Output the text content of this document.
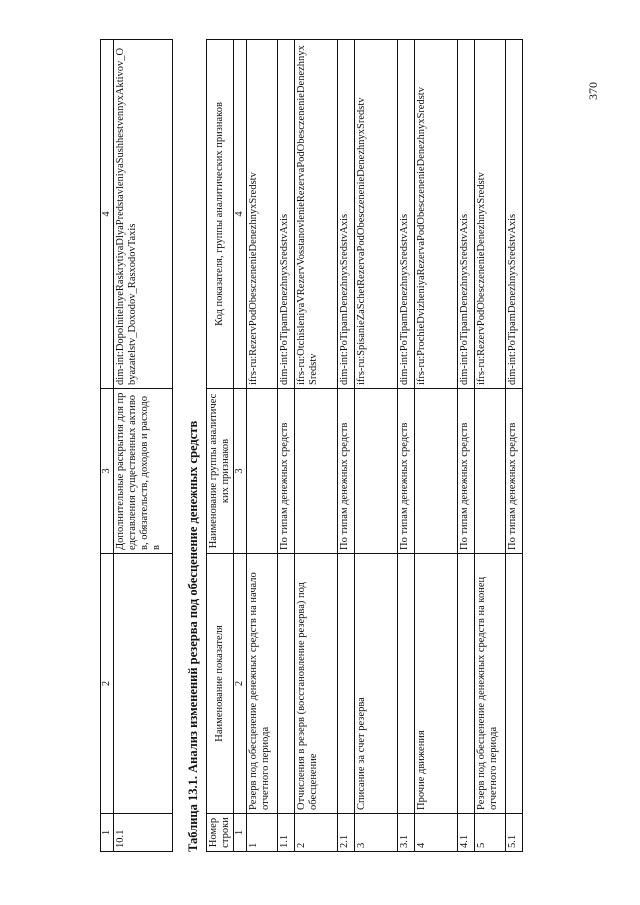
370
1	2	3	4
10.1		Дополнительные раскрытия для представления существенных активов, обязательств, доходов и расходов	dim-int:DopolnitelnyeRaskrytiyaDlyaPredstavleniyaSushhestvennyxAktivov_Obyazatelstv_Doxodov_RasxodovTaxis
Таблица 13.1. Анализ изменений резерва под обесценение денежных средств Номер строки	Наименование показателя	Наименование группы аналитических признаков	Код показателя, группы аналитических признаков
1	2	3	4
1	Резерв под обесценение денежных средств на начало отчетного периода		ifrs-ru:RezervPodObesczenenieDenezhnyxSredstv
1.1		По типам денежных средств	dim-int:PoTipamDenezhnyxSredstvAxis
2	Отчисления в резерв (восстановление резерва) под обесценение		ifrs-ru:OtchisleniyaVRezervVosstanovlenieRezervaPodObesczenenieDenezhnyxSredstv
2.1		По типам денежных средств	dim-int:PoTipamDenezhnyxSredstvAxis
3	Списание за счет резерва		ifrs-ru:SpisanieZaSchetRezervaPodObesczenenieDenezhnyxSredstv
3.1		По типам денежных средств	dim-int:PoTipamDenezhnyxSredstvAxis
4	Прочие движения		ifrs-ru:ProchieDvizheniyaRezervaPodObesczenenieDenezhnyxSredstv
4.1		По типам денежных средств	dim-int:PoTipamDenezhnyxSredstvAxis
5	Резерв под обесценение денежных средств на конец отчетного периода		ifrs-ru:RezervPodObesczenenieDenezhnyxSredstv
5.1		По типам денежных средств	dim-int:PoTipamDenezhnyxSredstvAxis
